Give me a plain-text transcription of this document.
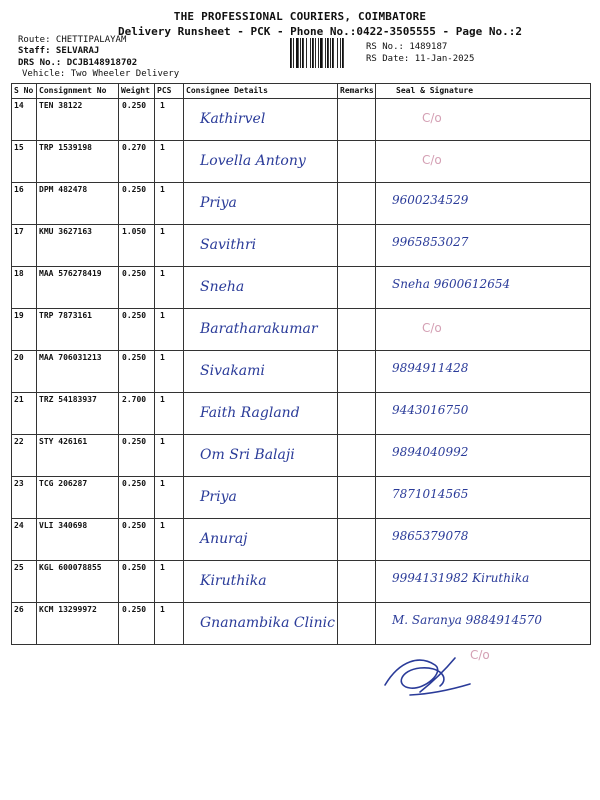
THE PROFESSIONAL COURIERS, COIMBATORE
Delivery Runsheet - PCK - Phone No.:0422-3505555 - Page No.:2
Route: CHETTIPALAYAM
Staff: SELVARAJ
DRS No.: DCJB148918702
Vehicle: Two Wheeler Delivery
RS No.: 1489187
RS Date: 11-Jan-2025
S No	Consignment No	Weight	PCS	Consignee Details	Remarks	Seal & Signature
14	TEN 38122	0.250	1	Kathirvel		C/o

15	TRP 1539198	0.270	1	Lovella Antony		C/o

16	DPM 482478	0.250	1	Priya		9600234529

17	KMU 3627163	1.050	1	Savithri		9965853027

18	MAA 576278419	0.250	1	Sneha		Sneha 9600612654

19	TRP 7873161	0.250	1	Baratharakumar		C/o

20	MAA 706031213	0.250	1	Sivakami		9894911428

21	TRZ 54183937	2.700	1	Faith Ragland		9443016750

22	STY 426161	0.250	1	Om Sri Balaji		9894040992

23	TCG 206287	0.250	1	Priya		7871014565

24	VLI 340698	0.250	1	Anuraj		9865379078

25	KGL 600078855	0.250	1	Kiruthika		9994131982 Kiruthika

26	KCM 13299972	0.250	1	Gnanambika Clinic		M. Saranya 9884914570
C/o
